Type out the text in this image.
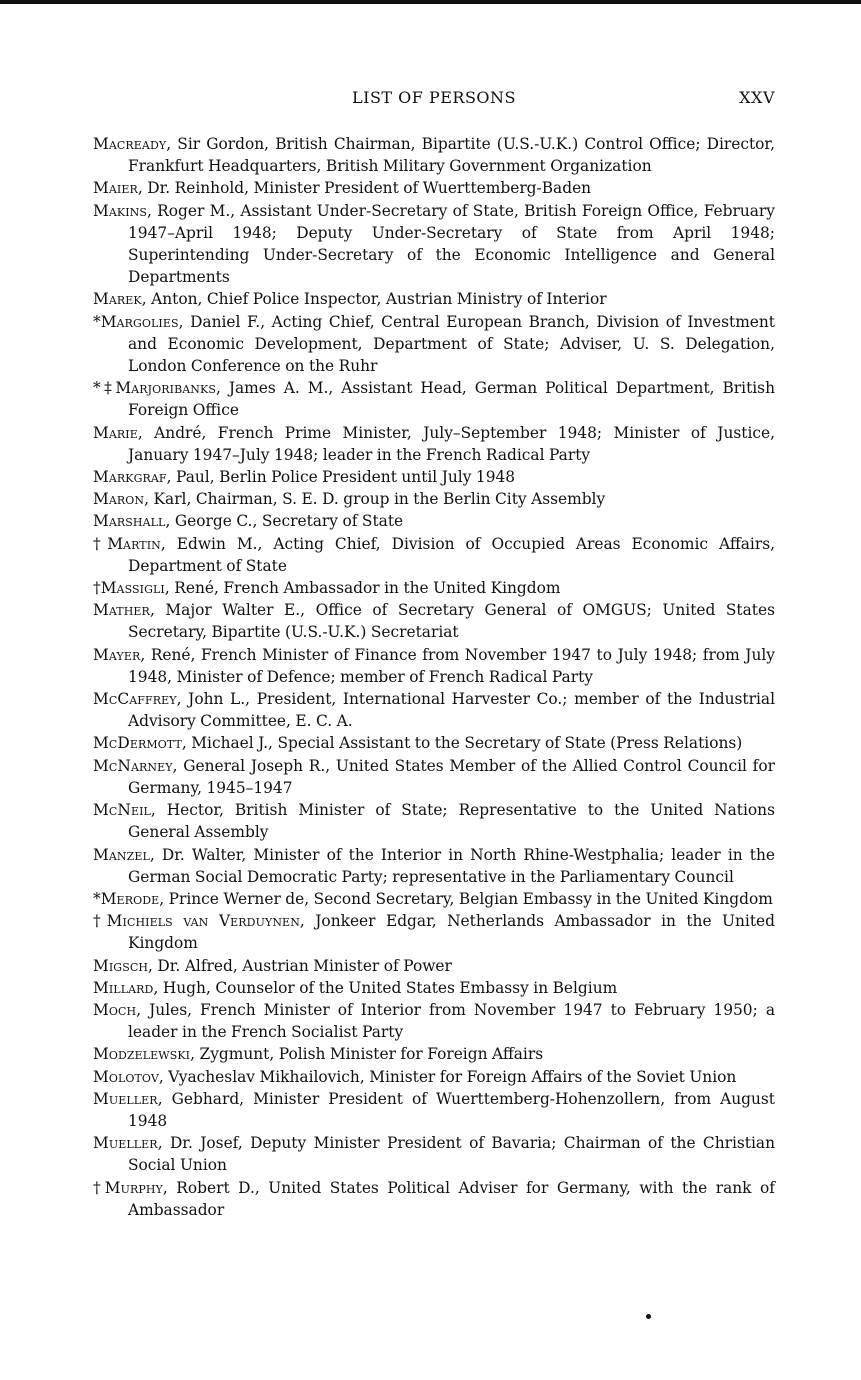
LIST OF PERSONS	XXV

Macready, Sir Gordon, British Chairman, Bipartite (U.S.-U.K.) Control Office; Director, Frankfurt Headquarters, British Military Government Organization

Maier, Dr. Reinhold, Minister President of Wuerttemberg-Baden

Makins, Roger M., Assistant Under-Secretary of State, British Foreign Office, February 1947–April 1948; Deputy Under-Secretary of State from April 1948; Superintending Under-Secretary of the Economic Intelligence and General Departments

Marek, Anton, Chief Police Inspector, Austrian Ministry of Interior

*Margolies, Daniel F., Acting Chief, Central European Branch, Division of Investment and Economic Development, Department of State; Adviser, U. S. Delegation, London Conference on the Ruhr

*‡Marjoribanks, James A. M., Assistant Head, German Political Department, British Foreign Office

Marie, André, French Prime Minister, July–September 1948; Minister of Justice, January 1947–July 1948; leader in the French Radical Party

Markgraf, Paul, Berlin Police President until July 1948

Maron, Karl, Chairman, S. E. D. group in the Berlin City Assembly

Marshall, George C., Secretary of State

†Martin, Edwin M., Acting Chief, Division of Occupied Areas Economic Affairs, Department of State

†Massigli, René, French Ambassador in the United Kingdom

Mather, Major Walter E., Office of Secretary General of OMGUS; United States Secretary, Bipartite (U.S.-U.K.) Secretariat

Mayer, René, French Minister of Finance from November 1947 to July 1948; from July 1948, Minister of Defence; member of French Radical Party

McCaffrey, John L., President, International Harvester Co.; member of the Industrial Advisory Committee, E. C. A.

McDermott, Michael J., Special Assistant to the Secretary of State (Press Relations)

McNarney, General Joseph R., United States Member of the Allied Control Council for Germany, 1945–1947

McNeil, Hector, British Minister of State; Representative to the United Nations General Assembly

Manzel, Dr. Walter, Minister of the Interior in North Rhine-Westphalia; leader in the German Social Democratic Party; representative in the Parliamentary Council

*Merode, Prince Werner de, Second Secretary, Belgian Embassy in the United Kingdom

†Michiels van Verduynen, Jonkeer Edgar, Netherlands Ambassador in the United Kingdom

Migsch, Dr. Alfred, Austrian Minister of Power

Millard, Hugh, Counselor of the United States Embassy in Belgium

Moch, Jules, French Minister of Interior from November 1947 to February 1950; a leader in the French Socialist Party

Modzelewski, Zygmunt, Polish Minister for Foreign Affairs

Molotov, Vyacheslav Mikhailovich, Minister for Foreign Affairs of the Soviet Union

Mueller, Gebhard, Minister President of Wuerttemberg-Hohenzollern, from August 1948

Mueller, Dr. Josef, Deputy Minister President of Bavaria; Chairman of the Christian Social Union

†Murphy, Robert D., United States Political Adviser for Germany, with the rank of Ambassador
